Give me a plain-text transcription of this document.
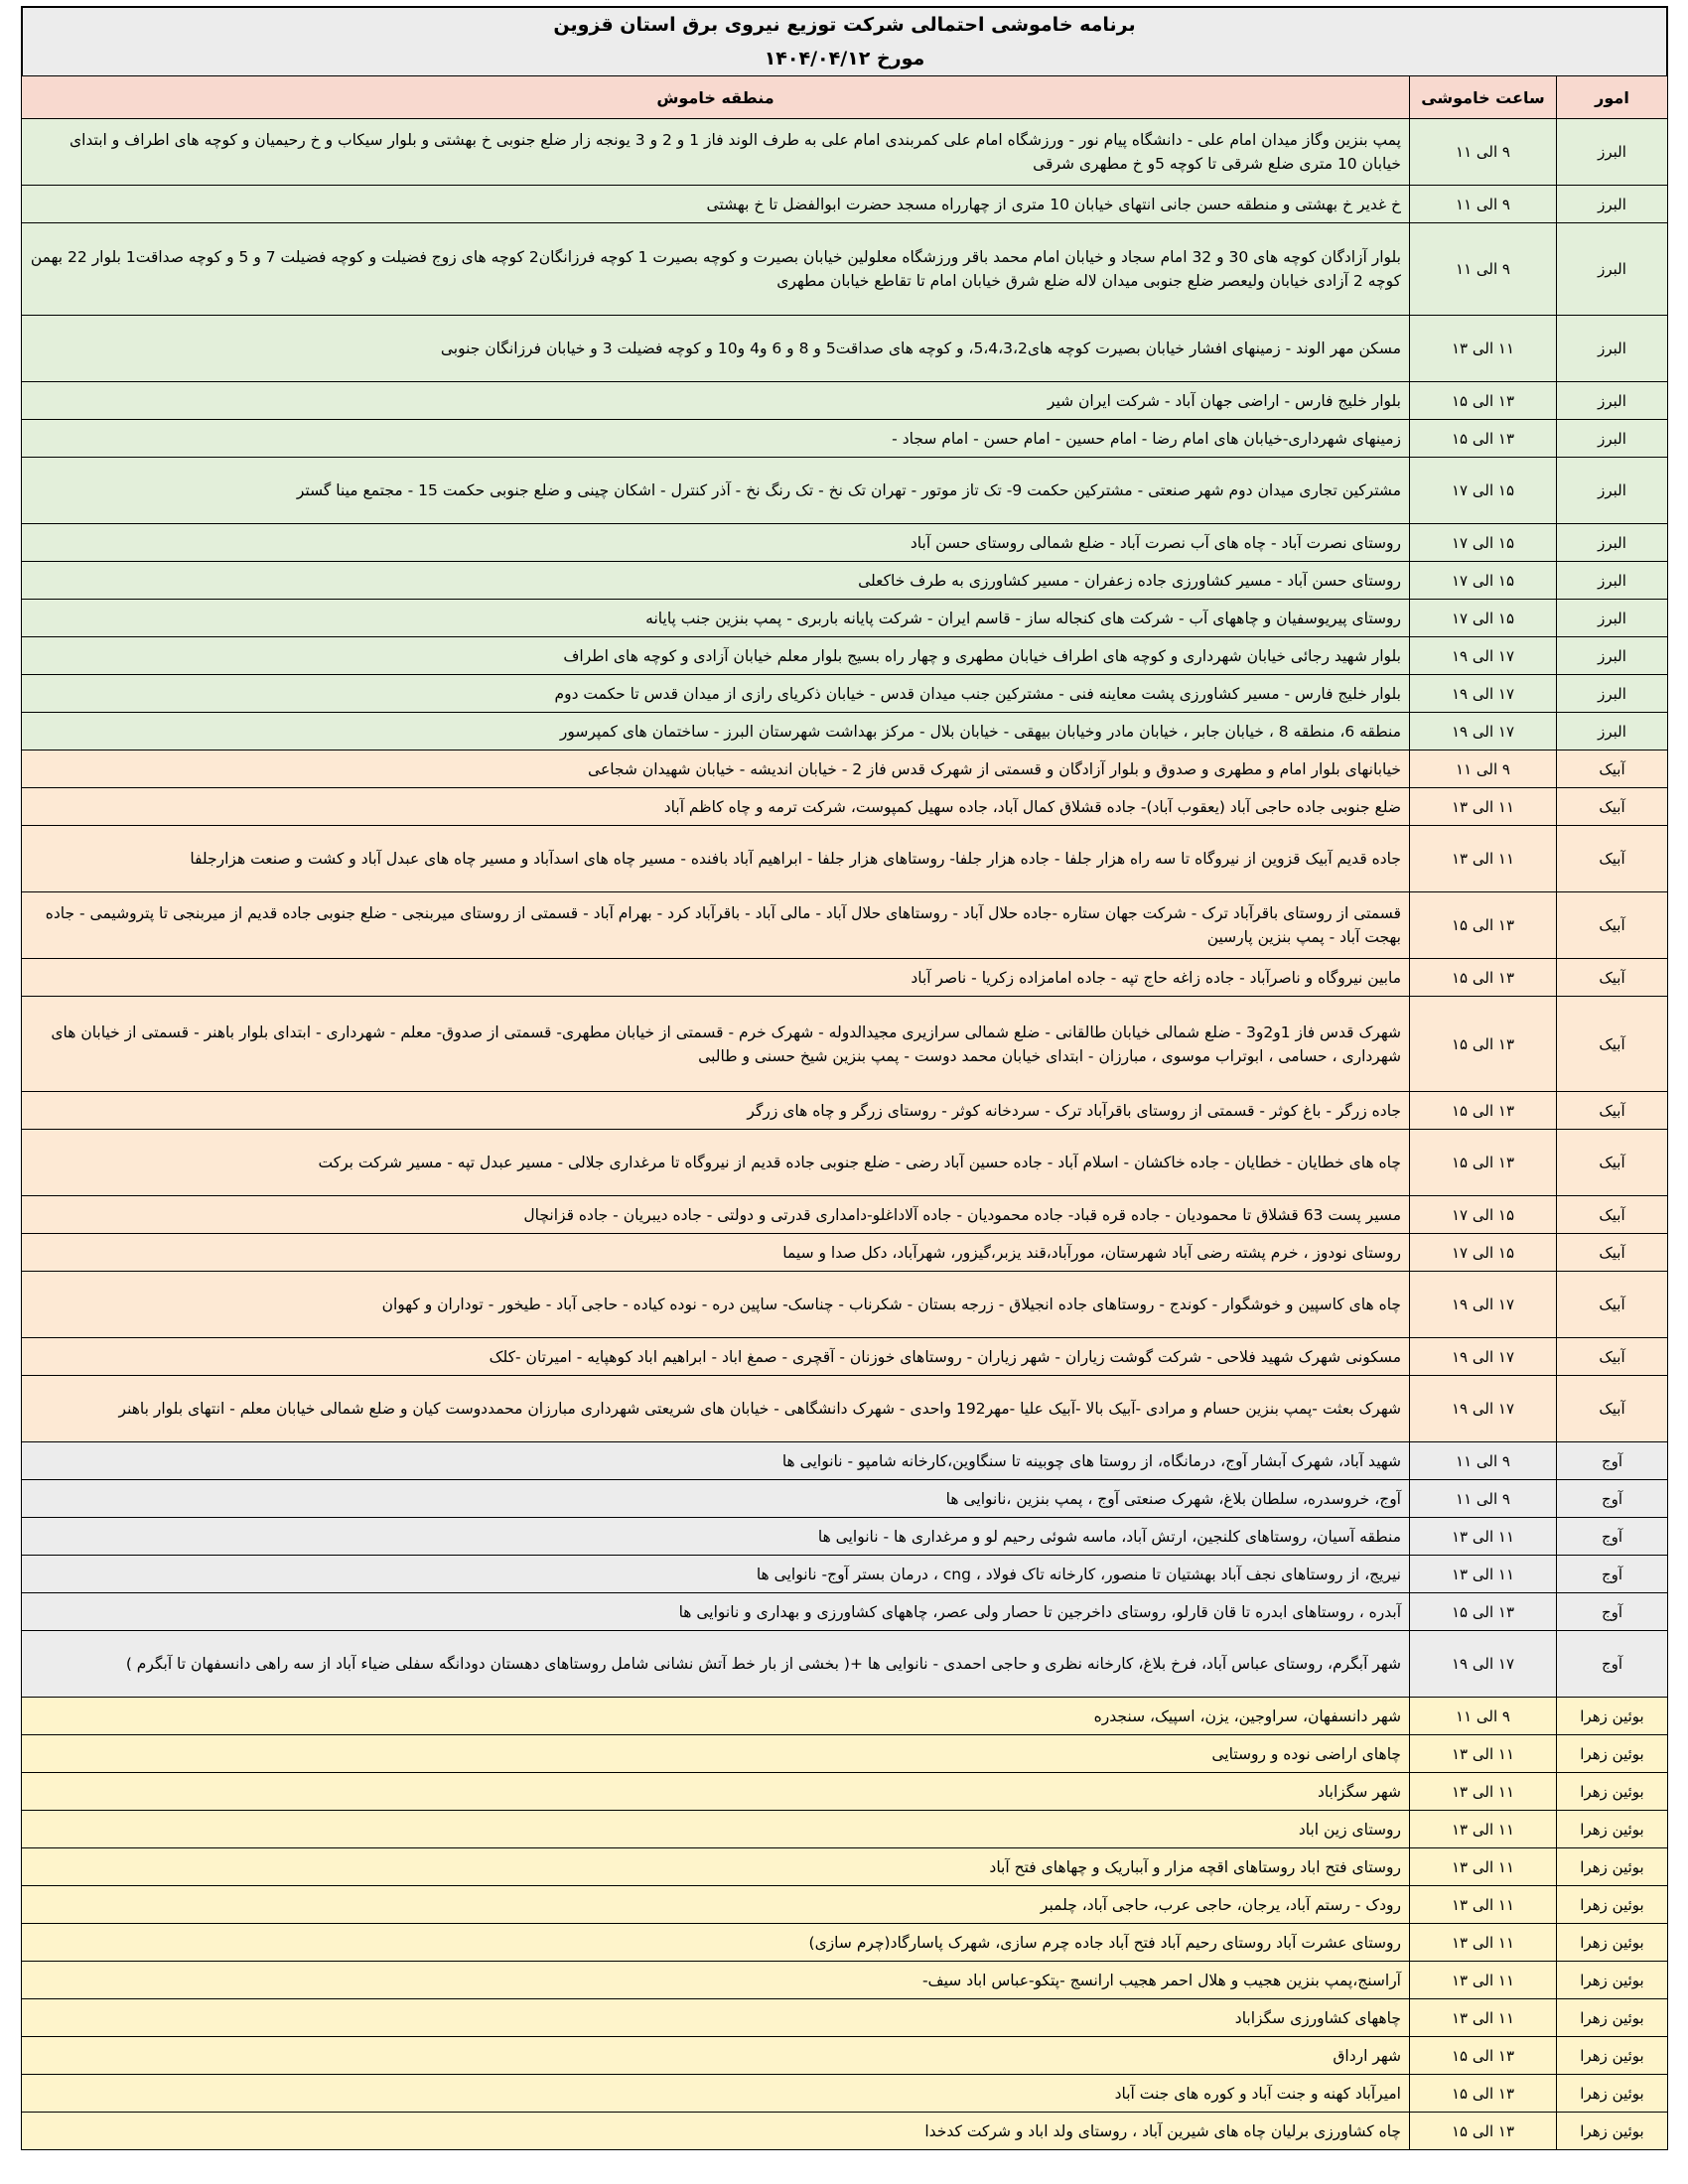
برنامه خاموشی احتمالی شرکت توزیع نیروی برق استان قزوین
مورخ ۱۴۰۴/۰۴/۱۲
امور	ساعت خاموشی	منطقه خاموش
البرز	۹ الی ۱۱	پمپ بنزین وگاز میدان امام علی - دانشگاه پیام نور - ورزشگاه امام علی کمربندی امام علی به طرف الوند فاز 1 و 2 و 3 یونجه زار ضلع جنوبی خ بهشتی و بلوار سیکاب و خ رحیمیان و کوچه های اطراف و ابتدای خیابان 10 متری ضلع شرقی تا کوچه 5و خ مطهری شرقی
البرز	۹ الی ۱۱	خ غدیر خ بهشتی و منطقه حسن جانی انتهای خیابان 10 متری از چهارراه مسجد حضرت ابوالفضل تا خ بهشتی
البرز	۹ الی ۱۱	بلوار آزادگان کوچه های 30 و 32 امام سجاد و خیابان امام محمد باقر ورزشگاه معلولین خیابان بصیرت و کوچه بصیرت 1 کوچه فرزانگان2 کوچه های زوج فضیلت و کوچه فضیلت 7 و 5 و کوچه صداقت1 بلوار 22 بهمن کوچه 2 آزادی خیابان ولیعصر ضلع جنوبی میدان لاله ضلع شرق خیابان امام تا تقاطع خیابان مطهری
البرز	۱۱ الی ۱۳	مسکن مهر الوند - زمینهای افشار خیابان بصیرت کوچه های5،4،3،2، و کوچه های صداقت5 و 8 و 6 و4 و10 و کوچه فضیلت 3 و خیابان فرزانگان جنوبی
البرز	۱۳ الی ۱۵	بلوار خلیج فارس - اراضی جهان آباد - شرکت ایران شیر
البرز	۱۳ الی ۱۵	زمینهای شهرداری-خیابان های امام رضا - امام حسین - امام حسن - امام سجاد -
البرز	۱۵ الی ۱۷	مشترکین تجاری میدان دوم شهر صنعتی - مشترکین حکمت 9- تک تاز موتور - تهران تک نخ - تک رنگ نخ - آذر کنترل - اشکان چینی و ضلع جنوبی حکمت 15 - مجتمع مینا گستر
البرز	۱۵ الی ۱۷	روستای نصرت آباد - چاه های آب نصرت آباد - ضلع شمالی روستای حسن آباد
البرز	۱۵ الی ۱۷	روستای حسن آباد - مسیر کشاورزی جاده زعفران - مسیر کشاورزی به طرف خاکعلی
البرز	۱۵ الی ۱۷	روستای پیریوسفیان و چاههای آب - شرکت های کنجاله ساز - قاسم ایران - شرکت پایانه باربری - پمپ بنزین جنب پایانه
البرز	۱۷ الی ۱۹	بلوار شهید رجائی خیابان شهرداری و کوچه های اطراف خیابان مطهری و چهار راه بسیج بلوار معلم خیابان آزادی و کوچه های اطراف
البرز	۱۷ الی ۱۹	بلوار خلیج فارس - مسیر کشاورزی پشت معاینه فنی - مشترکین جنب میدان قدس - خیابان ذکریای رازی از میدان قدس تا حکمت دوم
البرز	۱۷ الی ۱۹	منطقه 6، منطقه 8 ، خیابان جابر ، خیابان مادر وخیابان بیهقی - خیابان بلال - مرکز بهداشت شهرستان البرز - ساختمان های کمپرسور
آبیک	۹ الی ۱۱	خیابانهای بلوار امام و مطهری و صدوق و بلوار آزادگان و قسمتی از شهرک قدس فاز 2 - خیابان اندیشه - خیابان شهیدان شجاعی
آبیک	۱۱ الی ۱۳	ضلع جنوبی جاده حاجی آباد (یعقوب آباد)- جاده قشلاق کمال آباد، جاده سهیل کمپوست، شرکت ترمه و چاه کاظم آباد
آبیک	۱۱ الی ۱۳	جاده قدیم آبیک قزوین از نیروگاه تا سه راه هزار جلفا - جاده هزار جلفا- روستاهای هزار جلفا - ابراهیم آباد بافنده - مسیر چاه های اسدآباد و مسیر چاه های عبدل آباد و کشت و صنعت هزارجلفا
آبیک	۱۳ الی ۱۵	قسمتی از روستای باقرآباد ترک - شرکت جهان ستاره -جاده حلال آباد - روستاهای حلال آباد - مالی آباد - باقرآباد کرد - بهرام آباد - قسمتی از روستای میربنجی - ضلع جنوبی جاده قدیم از میربنجی تا پتروشیمی - جاده بهجت آباد - پمپ بنزین پارسین
آبیک	۱۳ الی ۱۵	مابین نیروگاه و ناصرآباد - جاده زاغه حاج تپه - جاده امامزاده زکریا - ناصر آباد
آبیک	۱۳ الی ۱۵	شهرک قدس فاز 1و2و3 - ضلع شمالی خیابان طالقانی - ضلع شمالی سرازیری مجیدالدوله - شهرک خرم - قسمتی از خیابان مطهری- قسمتی از صدوق- معلم - شهرداری - ابتدای بلوار باهنر - قسمتی از خیابان های شهرداری ، حسامی ، ابوتراب موسوی ، مبارزان - ابتدای خیابان محمد دوست - پمپ بنزین شیخ حسنی و طالبی
آبیک	۱۳ الی ۱۵	جاده زرگر - باغ کوثر - قسمتی از روستای باقرآباد ترک - سردخانه کوثر - روستای زرگر و چاه های زرگر
آبیک	۱۳ الی ۱۵	چاه های خطایان - خطایان - جاده خاکشان - اسلام آباد - جاده حسین آباد رضی - ضلع جنوبی جاده قدیم از نیروگاه تا مرغداری جلالی - مسیر عبدل تپه - مسیر شرکت برکت
آبیک	۱۵ الی ۱۷	مسیر پست 63 قشلاق تا محمودیان - جاده قره قباد- جاده محمودیان - جاده آلاداغلو-دامداری قدرتی و دولتی - جاده دیبریان - جاده قزانچال
آبیک	۱۵ الی ۱۷	روستای نودوز ، خرم پشته رضی آباد شهرستان، مورآباد،قند یزبر،گیزور، شهرآباد، دکل صدا و سیما
آبیک	۱۷ الی ۱۹	چاه های کاسپین و خوشگوار - کوندج - روستاهای جاده انجیلاق - زرجه بستان - شکرناب - چناسک- ساپین دره - نوده کیاده - حاجی آباد - طیخور - توداران و کهوان
آبیک	۱۷ الی ۱۹	مسکونی شهرک شهید فلاحی - شرکت گوشت زیاران - شهر زیاران - روستاهای خوزنان - آقچری - صمغ اباد - ابراهیم اباد کوهپایه - امیرتان -کلک
آبیک	۱۷ الی ۱۹	شهرک بعثت -پمپ بنزین حسام و مرادی -آبیک بالا -آبیک علیا -مهر192 واحدی - شهرک دانشگاهی - خیابان های شریعتی شهرداری مبارزان محمددوست کیان و ضلع شمالی خیابان معلم - انتهای بلوار باهنر
آوج	۹ الی ۱۱	شهید آباد، شهرک آبشار آوج، درمانگاه، از روستا های چوبینه تا سنگاوین،کارخانه شامپو - نانوایی ها
آوج	۹ الی ۱۱	آوج، خروسدره، سلطان بلاغ، شهرک صنعتی آوج ، پمپ بنزین ،نانوایی ها
آوج	۱۱ الی ۱۳	منطقه آسیان، روستاهای کلنجین، ارتش آباد، ماسه شوئی رحیم لو و مرغداری ها - نانوایی ها
آوج	۱۱ الی ۱۳	نیریج، از روستاهای نجف آباد بهشتیان تا منصور، کارخانه تاک فولاد ، cng ، درمان بستر آوج- نانوایی ها
آوج	۱۳ الی ۱۵	آبدره ، روستاهای ابدره تا قان قارلو، روستای داخرجین تا حصار ولی عصر، چاههای کشاورزی و بهداری و نانوایی ها
آوج	۱۷ الی ۱۹	شهر آبگرم، روستای عباس آباد، فرخ بلاغ، کارخانه نظری و حاجی احمدی - نانوایی ها +( بخشی از بار خط آتش نشانی شامل روستاهای دهستان دودانگه سفلی ضیاء آباد از سه راهی دانسفهان تا آبگرم )
بوئین زهرا	۹ الی ۱۱	شهر دانسفهان، سراوجین، یزن، اسپیک، سنجدره
بوئین زهرا	۱۱ الی ۱۳	چاهای اراضی نوده و روستایی
بوئین زهرا	۱۱ الی ۱۳	شهر سگزاباد
بوئین زهرا	۱۱ الی ۱۳	روستای زین اباد
بوئین زهرا	۱۱ الی ۱۳	روستای فتح اباد روستاهای اقچه مزار و آبباریک و چهاهای فتح آباد
بوئین زهرا	۱۱ الی ۱۳	رودک - رستم آباد، یرجان، حاجی عرب، حاجی آباد، چلمبر
بوئین زهرا	۱۱ الی ۱۳	روستای عشرت آباد روستای رحیم آباد فتح آباد جاده چرم سازی، شهرک پاسارگاد(چرم سازی)
بوئین زهرا	۱۱ الی ۱۳	آراسنج،پمپ بنزین هجیب و هلال احمر هجیب ارانسج -پتکو-عباس اباد سیف-
بوئین زهرا	۱۱ الی ۱۳	چاههای کشاورزی سگزاباد
بوئین زهرا	۱۳ الی ۱۵	شهر ارداق
بوئین زهرا	۱۳ الی ۱۵	امیرآباد کهنه و جنت آباد و کوره های جنت آباد
بوئین زهرا	۱۳ الی ۱۵	چاه کشاورزی برلیان چاه های شیرین آباد ، روستای ولد اباد و شرکت کدخدا
